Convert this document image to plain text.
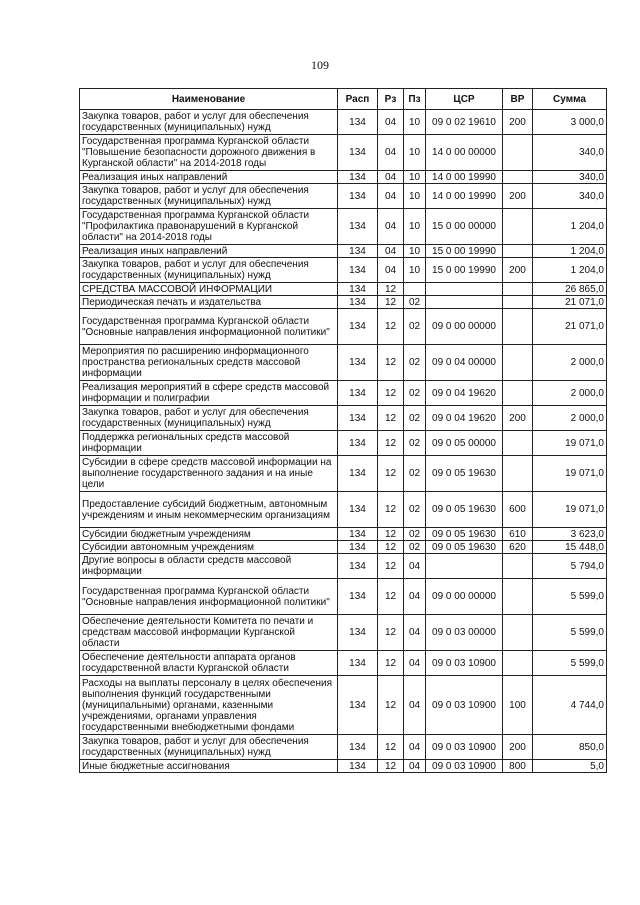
109
Наименование	Расп	Рз	Пз	ЦСР	ВР	Сумма
Закупка товаров, работ и услуг для обеспечения государственных (муниципальных) нужд	134	04	10	09 0 02 19610	200	3 000,0
Государственная программа Курганской области "Повышение безопасности дорожного движения в Курганской области" на 2014-2018 годы	134	04	10	14 0 00 00000		340,0
Реализация иных направлений	134	04	10	14 0 00 19990		340,0
Закупка товаров, работ и услуг для обеспечения государственных (муниципальных) нужд	134	04	10	14 0 00 19990	200	340,0
Государственная программа Курганской области "Профилактика правонарушений в Курганской области" на 2014-2018 годы	134	04	10	15 0 00 00000		1 204,0
Реализация иных направлений	134	04	10	15 0 00 19990		1 204,0
Закупка товаров, работ и услуг для обеспечения государственных (муниципальных) нужд	134	04	10	15 0 00 19990	200	1 204,0
СРЕДСТВА МАССОВОЙ ИНФОРМАЦИИ	134	12				26 865,0
Периодическая печать и издательства	134	12	02			21 071,0
Государственная программа Курганской области "Основные направления информационной политики"	134	12	02	09 0 00 00000		21 071,0
Мероприятия по расширению информационного пространства региональных средств массовой информации	134	12	02	09 0 04 00000		2 000,0
Реализация мероприятий в сфере средств массовой информации и полиграфии	134	12	02	09 0 04 19620		2 000,0
Закупка товаров, работ и услуг для обеспечения государственных (муниципальных) нужд	134	12	02	09 0 04 19620	200	2 000,0
Поддержка региональных средств массовой информации	134	12	02	09 0 05 00000		19 071,0
Субсидии в сфере средств массовой информации на выполнение государственного задания и на иные цели	134	12	02	09 0 05 19630		19 071,0
Предоставление субсидий бюджетным, автономным учреждениям и иным некоммерческим организациям	134	12	02	09 0 05 19630	600	19 071,0
Субсидии бюджетным учреждениям	134	12	02	09 0 05 19630	610	3 623,0
Субсидии автономным учреждениям	134	12	02	09 0 05 19630	620	15 448,0
Другие вопросы в области средств массовой информации	134	12	04			5 794,0
Государственная программа Курганской области "Основные направления информационной политики"	134	12	04	09 0 00 00000		5 599,0
Обеспечение деятельности Комитета по печати и средствам массовой информации Курганской области	134	12	04	09 0 03 00000		5 599,0
Обеспечение деятельности аппарата органов государственной власти Курганской области	134	12	04	09 0 03 10900		5 599,0
Расходы на выплаты персоналу в целях обеспечения выполнения функций государственными (муниципальными) органами, казенными учреждениями, органами управления государственными внебюджетными фондами	134	12	04	09 0 03 10900	100	4 744,0
Закупка товаров, работ и услуг для обеспечения государственных (муниципальных) нужд	134	12	04	09 0 03 10900	200	850,0
Иные бюджетные ассигнования	134	12	04	09 0 03 10900	800	5,0
